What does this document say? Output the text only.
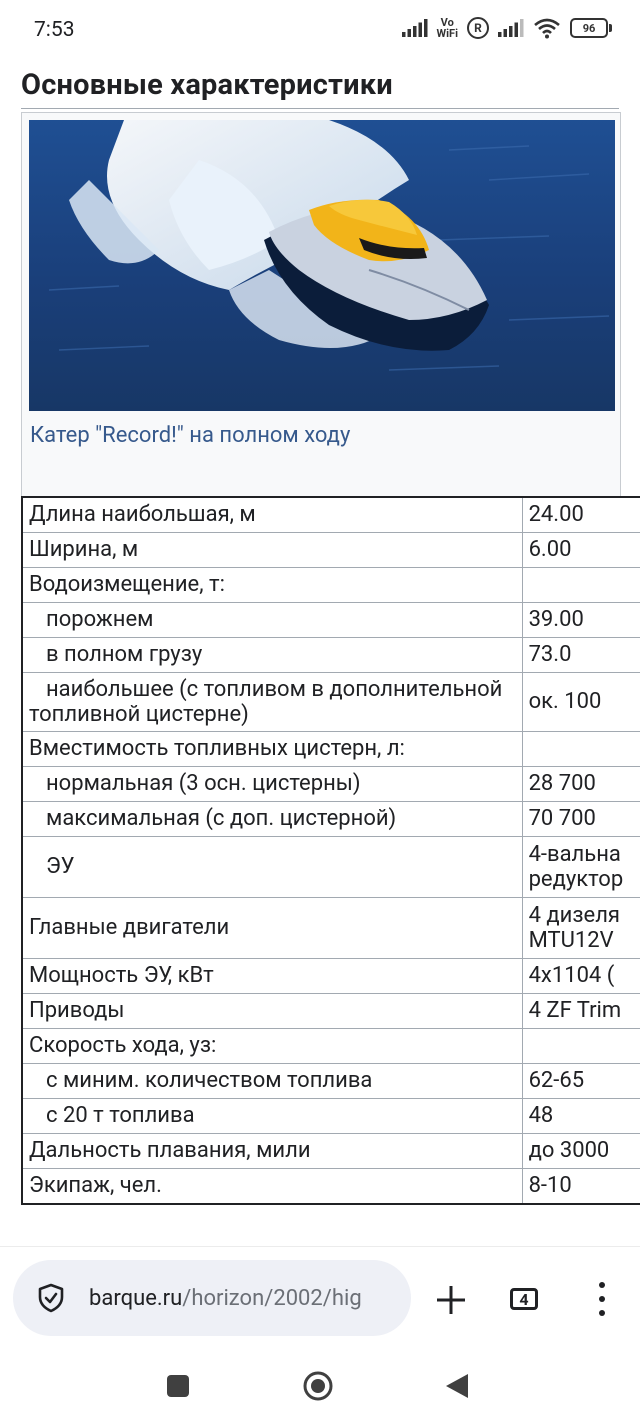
7:53	Vo
WiFi	R	96
Основные характеристики
Катер "Record!" на полном ходу
Длина наибольшая, м	24.00
Ширина, м	6.00
Водоизмещение, т:	
порожнем	39.00
в полном грузу	73.0
наибольшее (с топливом в дополнительной топливной цистерне)	ок. 100
Вместимость топливных цистерн, л:	
нормальная (3 осн. цистерны)	28 700
максимальная (с доп. цистерной)	70 700
ЭУ	4-вальна
редуктор

Главные двигатели	4 дизеля
MTU12V

Мощность ЭУ, кВт	4х1104 (
Приводы	4 ZF Trim
Скорость хода, уз:	
с миним. количеством топлива	62-65
с 20 т топлива	48
Дальность плавания, мили	до 3000
Экипаж, чел.	8-10
barque.ru/horizon/2002/hig	4
